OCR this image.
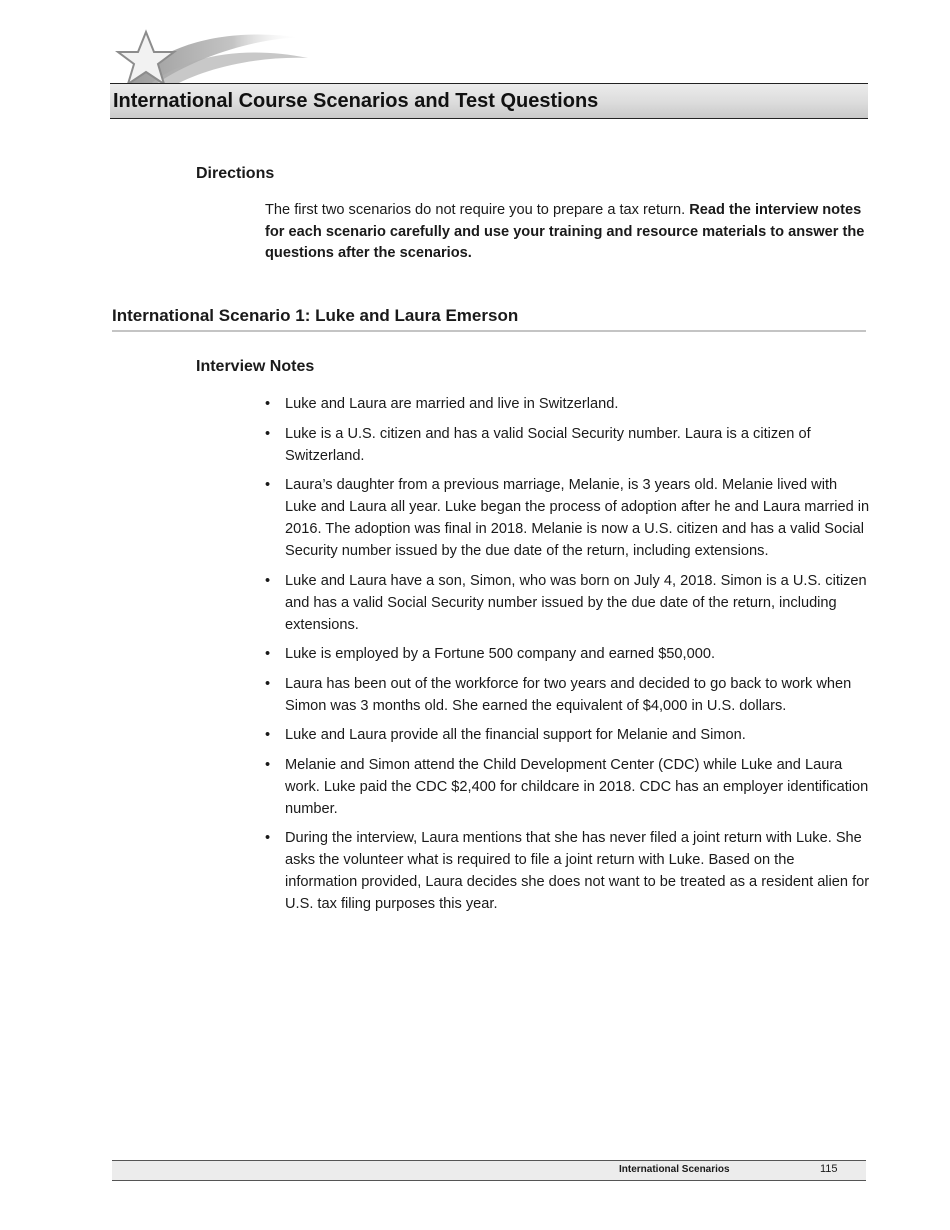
International Course Scenarios and Test Questions
Directions

The first two scenarios do not require you to prepare a tax return. Read the interview notes for each scenario carefully and use your training and resource materials to answer the questions after the scenarios.

International Scenario 1: Luke and Laura Emerson
Interview Notes
• Luke and Laura are married and live in Switzerland.
• Luke is a U.S. citizen and has a valid Social Security number. Laura is a citizen of Switzerland.
• Laura’s daughter from a previous marriage, Melanie, is 3 years old. Melanie lived with Luke and Laura all year. Luke began the process of adoption after he and Laura married in 2016. The adoption was final in 2018. Melanie is now a U.S. citizen and has a valid Social Security number issued by the due date of the return, including extensions.
• Luke and Laura have a son, Simon, who was born on July 4, 2018. Simon is a U.S. citizen and has a valid Social Security number issued by the due date of the return, including extensions.
• Luke is employed by a Fortune 500 company and earned $50,000.
• Laura has been out of the workforce for two years and decided to go back to work when Simon was 3 months old. She earned the equivalent of $4,000 in U.S. dollars.
• Luke and Laura provide all the financial support for Melanie and Simon.
• Melanie and Simon attend the Child Development Center (CDC) while Luke and Laura work. Luke paid the CDC $2,400 for childcare in 2018. CDC has an employer identification number.
• During the interview, Laura mentions that she has never filed a joint return with Luke. She asks the volunteer what is required to file a joint return with Luke. Based on the information provided, Laura decides she does not want to be treated as a resident alien for U.S. tax filing purposes this year.
International Scenarios	115
